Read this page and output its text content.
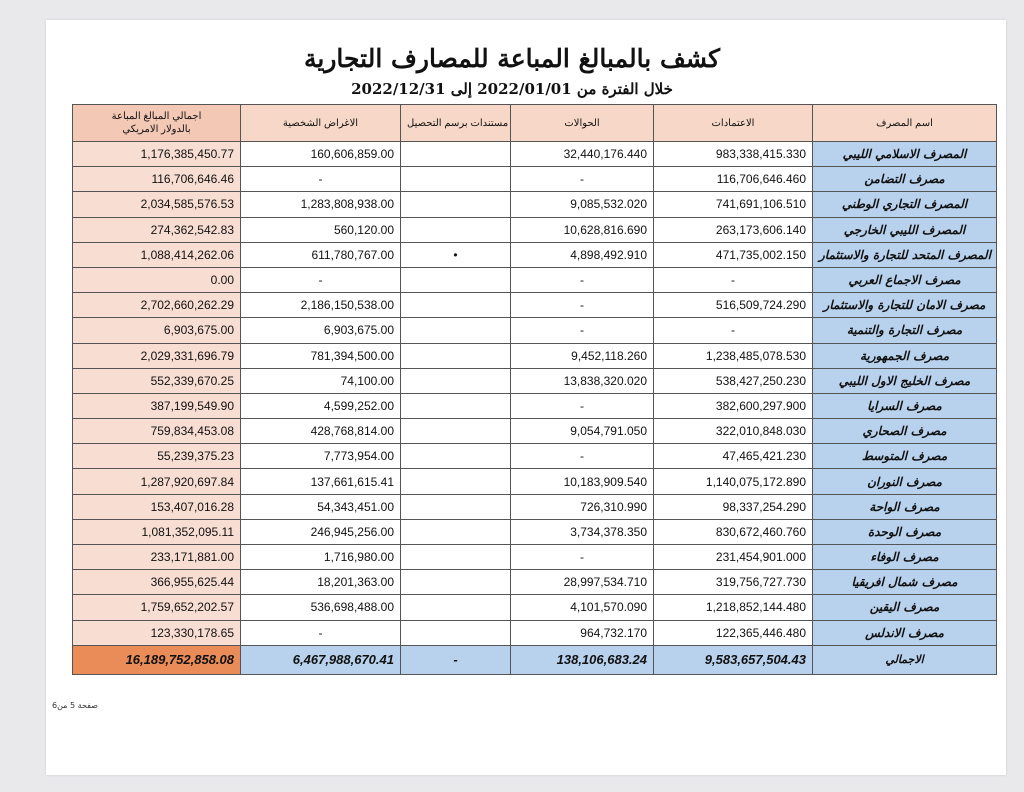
كشف بالمبالغ المباعة للمصارف التجارية
خلال الفترة من 2022/01/01 إلى 2022/12/31
اجمالي المبالغ المباعة
بالدولار الامريكي	الاغراض الشخصية	مستندات برسم التحصيل	الحوالات	الاعتمادات	اسم المصرف
1,176,385,450.77	160,606,859.00		32,440,176.440	983,338,415.330	المصرف الاسلامي الليبي
116,706,646.46	-		-	116,706,646.460	مصرف التضامن
2,034,585,576.53	1,283,808,938.00		9,085,532.020	741,691,106.510	المصرف التجاري الوطني
274,362,542.83	560,120.00		10,628,816.690	263,173,606.140	المصرف الليبي الخارجي
1,088,414,262.06	611,780,767.00	•	4,898,492.910	471,735,002.150	المصرف المتحد للتجارة والاستثمار
0.00	-		-	-	مصرف الاجماع العربي
2,702,660,262.29	2,186,150,538.00		-	516,509,724.290	مصرف الامان للتجارة والاستثمار
6,903,675.00	6,903,675.00		-	-	مصرف التجارة والتنمية
2,029,331,696.79	781,394,500.00		9,452,118.260	1,238,485,078.530	مصرف الجمهورية
552,339,670.25	74,100.00		13,838,320.020	538,427,250.230	مصرف الخليج الاول الليبي
387,199,549.90	4,599,252.00		-	382,600,297.900	مصرف السرايا
759,834,453.08	428,768,814.00		9,054,791.050	322,010,848.030	مصرف الصحاري
55,239,375.23	7,773,954.00		-	47,465,421.230	مصرف المتوسط
1,287,920,697.84	137,661,615.41		10,183,909.540	1,140,075,172.890	مصرف النوران
153,407,016.28	54,343,451.00		726,310.990	98,337,254.290	مصرف الواحة
1,081,352,095.11	246,945,256.00		3,734,378.350	830,672,460.760	مصرف الوحدة
233,171,881.00	1,716,980.00		-	231,454,901.000	مصرف الوفاء
366,955,625.44	18,201,363.00		28,997,534.710	319,756,727.730	مصرف شمال افريقيا
1,759,652,202.57	536,698,488.00		4,101,570.090	1,218,852,144.480	مصرف اليقين
123,330,178.65	-		964,732.170	122,365,446.480	مصرف الاندلس
16,189,752,858.08	6,467,988,670.41	-	138,106,683.24	9,583,657,504.43	الاجمالي
صفحة 5 من6
